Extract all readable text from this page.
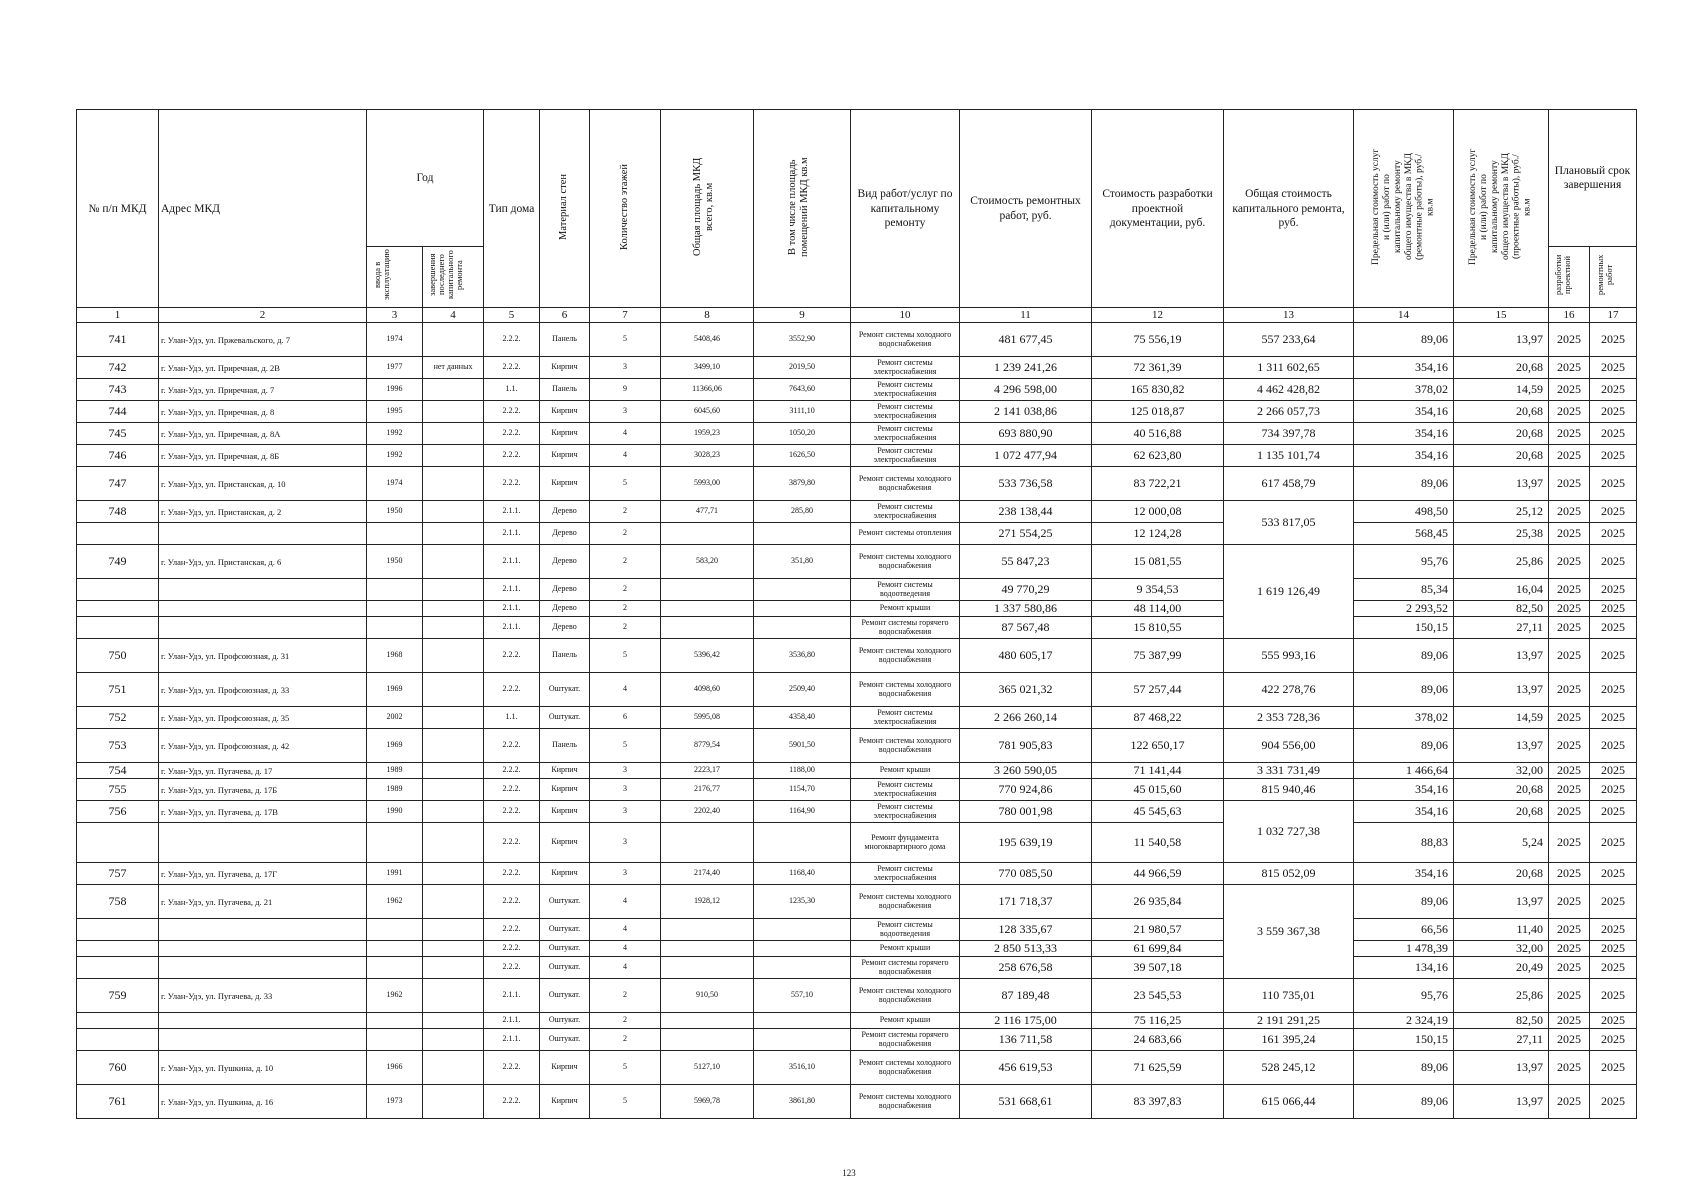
№ п/п МКД	Адрес МКД	Год		Тип дома	Материал стен	Количество этажей	Общая площадь МКД всего, кв.м	В том числе площадь помещений МКД кв.м	Вид работ/услуг по капитальному ремонту	Стоимость ремонтных работ, руб.	Стоимость разработки проектной документации, руб.	Общая стоимость капитального ремонта, руб.	Предельная стоимость услуг и (или) работ по капитальному ремонту общего имущества в МКД (ремонтные работы), руб./кв.м	Предельная стоимость услуг и (или) работ по капитальному ремонту общего имущества в МКД (проектные работы), руб./кв.м	Плановый срок завершения	
		ввода в эксплуатацию	завершения последнего капитального ремонта												разработки проектной	ремонтных работ
1	2	3	4	5	6	7	8	9	10	11	12	13	14	15	16	17
741	г. Улан-Удэ, ул. Пржевальского, д. 7	1974		2.2.2.	Панель	5	5408,46	3552,90	Ремонт системы холодного водоснабжения	481 677,45	75 556,19	557 233,64	89,06	13,97	2025	2025
742	г. Улан-Удэ, ул. Приречная, д. 2В	1977	нет данных	2.2.2.	Кирпич	3	3499,10	2019,50	Ремонт системы электроснабжения	1 239 241,26	72 361,39	1 311 602,65	354,16	20,68	2025	2025
743	г. Улан-Удэ, ул. Приречная, д. 7	1996		1.1.	Панель	9	11366,06	7643,60	Ремонт системы электроснабжения	4 296 598,00	165 830,82	4 462 428,82	378,02	14,59	2025	2025
744	г. Улан-Удэ, ул. Приречная, д. 8	1995		2.2.2.	Кирпич	3	6045,60	3111,10	Ремонт системы электроснабжения	2 141 038,86	125 018,87	2 266 057,73	354,16	20,68	2025	2025
745	г. Улан-Удэ, ул. Приречная, д. 8А	1992		2.2.2.	Кирпич	4	1959,23	1050,20	Ремонт системы электроснабжения	693 880,90	40 516,88	734 397,78	354,16	20,68	2025	2025
746	г. Улан-Удэ, ул. Приречная, д. 8Б	1992		2.2.2.	Кирпич	4	3028,23	1626,50	Ремонт системы электроснабжения	1 072 477,94	62 623,80	1 135 101,74	354,16	20,68	2025	2025
747	г. Улан-Удэ, ул. Пристанская, д. 10	1974		2.2.2.	Кирпич	5	5993,00	3879,80	Ремонт системы холодного водоснабжения	533 736,58	83 722,21	617 458,79	89,06	13,97	2025	2025
748	г. Улан-Удэ, ул. Пристанская, д. 2	1950		2.1.1.	Дерево	2	477,71	285,80	Ремонт системы электроснабжения	238 138,44	12 000,08	533 817,05	498,50	25,12	2025	2025
				2.1.1.	Дерево	2			Ремонт системы отопления	271 554,25	12 124,28		568,45	25,38	2025	2025
749	г. Улан-Удэ, ул. Пристанская, д. 6	1950		2.1.1.	Дерево	2	583,20	351,80	Ремонт системы холодного водоснабжения	55 847,23	15 081,55	1 619 126,49	95,76	25,86	2025	2025
				2.1.1.	Дерево	2			Ремонт системы водоотведения	49 770,29	9 354,53		85,34	16,04	2025	2025
				2.1.1.	Дерево	2			Ремонт крыши	1 337 580,86	48 114,00		2 293,52	82,50	2025	2025
				2.1.1.	Дерево	2			Ремонт системы горячего водоснабжения	87 567,48	15 810,55		150,15	27,11	2025	2025
750	г. Улан-Удэ, ул. Профсоюзная, д. 31	1968		2.2.2.	Панель	5	5396,42	3536,80	Ремонт системы холодного водоснабжения	480 605,17	75 387,99	555 993,16	89,06	13,97	2025	2025
751	г. Улан-Удэ, ул. Профсоюзная, д. 33	1969		2.2.2.	Оштукат.	4	4098,60	2509,40	Ремонт системы холодного водоснабжения	365 021,32	57 257,44	422 278,76	89,06	13,97	2025	2025
752	г. Улан-Удэ, ул. Профсоюзная, д. 35	2002		1.1.	Оштукат.	6	5995,08	4358,40	Ремонт системы электроснабжения	2 266 260,14	87 468,22	2 353 728,36	378,02	14,59	2025	2025
753	г. Улан-Удэ, ул. Профсоюзная, д. 42	1969		2.2.2.	Панель	5	8779,54	5901,50	Ремонт системы холодного водоснабжения	781 905,83	122 650,17	904 556,00	89,06	13,97	2025	2025
754	г. Улан-Удэ, ул. Пугачева, д. 17	1989		2.2.2.	Кирпич	3	2223,17	1188,00	Ремонт крыши	3 260 590,05	71 141,44	3 331 731,49	1 466,64	32,00	2025	2025
755	г. Улан-Удэ, ул. Пугачева, д. 17Б	1989		2.2.2.	Кирпич	3	2176,77	1154,70	Ремонт системы электроснабжения	770 924,86	45 015,60	815 940,46	354,16	20,68	2025	2025
756	г. Улан-Удэ, ул. Пугачева, д. 17В	1990		2.2.2.	Кирпич	3	2202,40	1164,90	Ремонт системы электроснабжения	780 001,98	45 545,63	1 032 727,38	354,16	20,68	2025	2025
				2.2.2.	Кирпич	3			Ремонт фундамента многоквартирного дома	195 639,19	11 540,58		88,83	5,24	2025	2025
757	г. Улан-Удэ, ул. Пугачева, д. 17Г	1991		2.2.2.	Кирпич	3	2174,40	1168,40	Ремонт системы электроснабжения	770 085,50	44 966,59	815 052,09	354,16	20,68	2025	2025
758	г. Улан-Удэ, ул. Пугачева, д. 21	1962		2.2.2.	Оштукат.	4	1928,12	1235,30	Ремонт системы холодного водоснабжения	171 718,37	26 935,84	3 559 367,38	89,06	13,97	2025	2025
				2.2.2.	Оштукат.	4			Ремонт системы водоотведения	128 335,67	21 980,57		66,56	11,40	2025	2025
				2.2.2.	Оштукат.	4			Ремонт крыши	2 850 513,33	61 699,84		1 478,39	32,00	2025	2025
				2.2.2.	Оштукат.	4			Ремонт системы горячего водоснабжения	258 676,58	39 507,18		134,16	20,49	2025	2025
759	г. Улан-Удэ, ул. Пугачева, д. 33	1962		2.1.1.	Оштукат.	2	910,50	557,10	Ремонт системы холодного водоснабжения	87 189,48	23 545,53	110 735,01	95,76	25,86	2025	2025
				2.1.1.	Оштукат.	2			Ремонт крыши	2 116 175,00	75 116,25	2 191 291,25	2 324,19	82,50	2025	2025
				2.1.1.	Оштукат.	2			Ремонт системы горячего водоснабжения	136 711,58	24 683,66	161 395,24	150,15	27,11	2025	2025
760	г. Улан-Удэ, ул. Пушкина, д. 10	1966		2.2.2.	Кирпич	5	5127,10	3516,10	Ремонт системы холодного водоснабжения	456 619,53	71 625,59	528 245,12	89,06	13,97	2025	2025
761	г. Улан-Удэ, ул. Пушкина, д. 16	1973		2.2.2.	Кирпич	5	5969,78	3861,80	Ремонт системы холодного водоснабжения	531 668,61	83 397,83	615 066,44	89,06	13,97	2025	2025
123
